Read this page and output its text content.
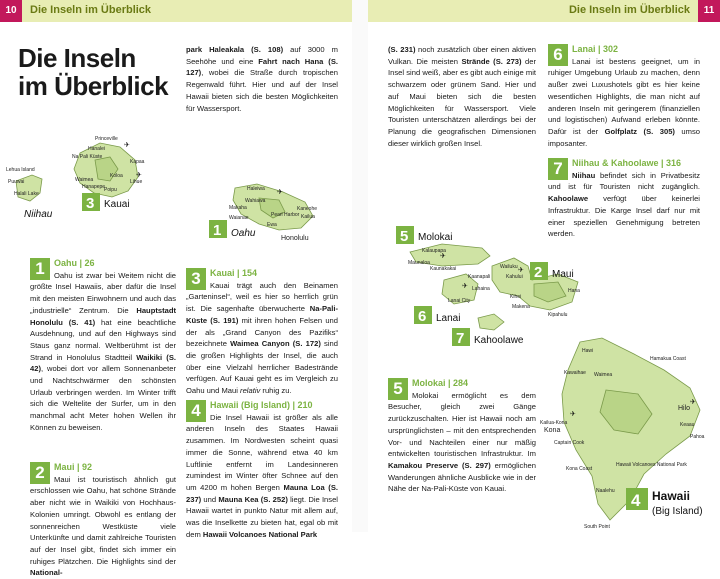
10	Die Inseln im Überblick	Die Inseln im Überblick	11
Die Inseln
im Überblick
Princeville
Hanalei
Na Pali Küste
Kapaa
Waimea	Lihue
Hanapepe
Poipu
Lehua Island
Puuwai
Halali Lake
Koloa
✈
✈
Niihau
3 Kauai
Haleiwa
Wahiawa
Makaha
Pearl Harbor
Waianae
Kaneohe
Kailua
Ewa
✈
1 Oahu	Honolulu
1	Oahu | 26
Oahu ist zwar bei Weitem nicht die größte Insel Hawaiis, aber dafür die Insel mit den meisten Einwohnern und auch das „industrielle“ Zentrum. Die Hauptstadt Honolulu (S. 41) hat eine beachtliche Ausdehnung, und auf den Highways sind Staus ganz normal. Weltberühmt ist der Strand in Honolulus Stadtteil Waikiki (S. 42), wobei dort vor allem Sonnenanbeter und Nachtschwärmer den schönsten Urlaub verbringen werden. Im Winter trifft sich die Weltelite der Surfer, um in den manchmal acht Meter hohen Wellen ihr Können zu beweisen.
2	Maui | 92
Maui ist touristisch ähnlich gut erschlossen wie Oahu, hat schöne Strände aber nicht wie in Waikiki von Hochhaus-Kolonien umringt. Obwohl es entlang der sonnenreichen Westküste viele Unterkünfte und damit zahlreiche Touristen auf der Insel gibt, findet sich immer ein ruhiges Plätzchen. Die Highlights sind der National-
park Haleakala (S. 108) auf 3000 m Seehöhe und eine Fahrt nach Hana (S. 127), wobei die Straße durch tropischen Regenwald führt. Hier und auf der Insel Hawaii bieten sich die besten Möglichkeiten für Wassersport.
3	Kauai | 154
Kauai trägt auch den Beinamen „Garteninsel“, weil es hier so herrlich grün ist. Die sagenhafte überwucherte Na-Pali-Küste (S. 191) mit ihren hohen Felsen und der als „Grand Canyon des Pazifiks“ bezeichnete Waimea Canyon (S. 172) sind die großen Highlights der Insel, die auch über eine Vielzahl herrlicher Badestrände verfügen. Auf Kauai geht es im Vergleich zu Oahu und Maui relativ ruhig zu.
4	Hawaii (Big Island) | 210
Die Insel Hawaii ist größer als alle anderen Inseln des Staates Hawaii zusammen. Im Nordwesten scheint quasi immer die Sonne, während etwa 40 km Luftlinie entfernt im Landesinneren zumindest im Winter öfter Schnee auf den um 4200 m hohen Bergen Mauna Loa (S. 237) und Mauna Kea (S. 252) liegt. Die Insel Hawaii wartet in punkto Natur mit allem auf, was die Inselkette zu bieten hat, egal ob mit dem Hawaii Volcanoes National Park
(S. 231) noch zusätzlich über einen aktiven Vulkan. Die meisten Strände (S. 273) der Insel sind weiß, aber es gibt auch einige mit schwarzem oder grünem Sand. Hier und auf Maui bieten sich die besten Möglichkeiten für Wassersport. Viele Touristen unterschätzen allerdings bei der Planung die geografischen Dimensionen dieser wirklich großen Insel.
6	Lanai | 302
Lanai ist bestens geeignet, um in ruhiger Umgebung Urlaub zu machen, denn außer zwei Luxushotels gibt es hier keine wesentlichen Highlights, die man nicht auf anderen Inseln mit geringerem (finanziellen und logistischen) Aufwand erleben könnte. Dafür ist der Golfplatz (S. 305) umso imposanter.
7	Niihau & Kahoolawe | 316
Niihau befindet sich in Privatbesitz und ist für Touristen nicht zugänglich. Kahoolawe verfügt über keinerlei Infrastruktur. Die Karge Insel darf nur mit einer speziellen Genehmigung betreten werden.
Kalaupapa
Maunaloa
Kaunakakai
Kaanapali
Lahaina
Lanai City
Wailuku
Kahului
Kihei
Makena
Kipahulu
Hana
✈
✈
✈
5 Molokai
2 Maui
6 Lanai
7 Kahoolawe
5	Molokai | 284
Molokai ermöglicht es dem Besucher, gleich zwei Gänge zurückzuschalten. Hier ist Hawaii noch am ursprünglichsten – mit den entsprechenden Vor- und Nachteilen einer nur mäßig entwickelten touristischen Infrastruktur. Im Kamakou Preserve (S. 297) ermöglichen Wanderungen ähnliche Ausblicke wie in der Nähe der Na-Pali-Küste von Kauai.
Hawi
Kawaihae Waimea
Kailua-Kona
Captain Cook
Hilo
Keaau
Pahoa
Naalehu
South Point
Hawaii Volcanoes National Park
Kona Coast
Hamakua Coast
Kona
✈
✈
4 Hawaii
(Big Island)
